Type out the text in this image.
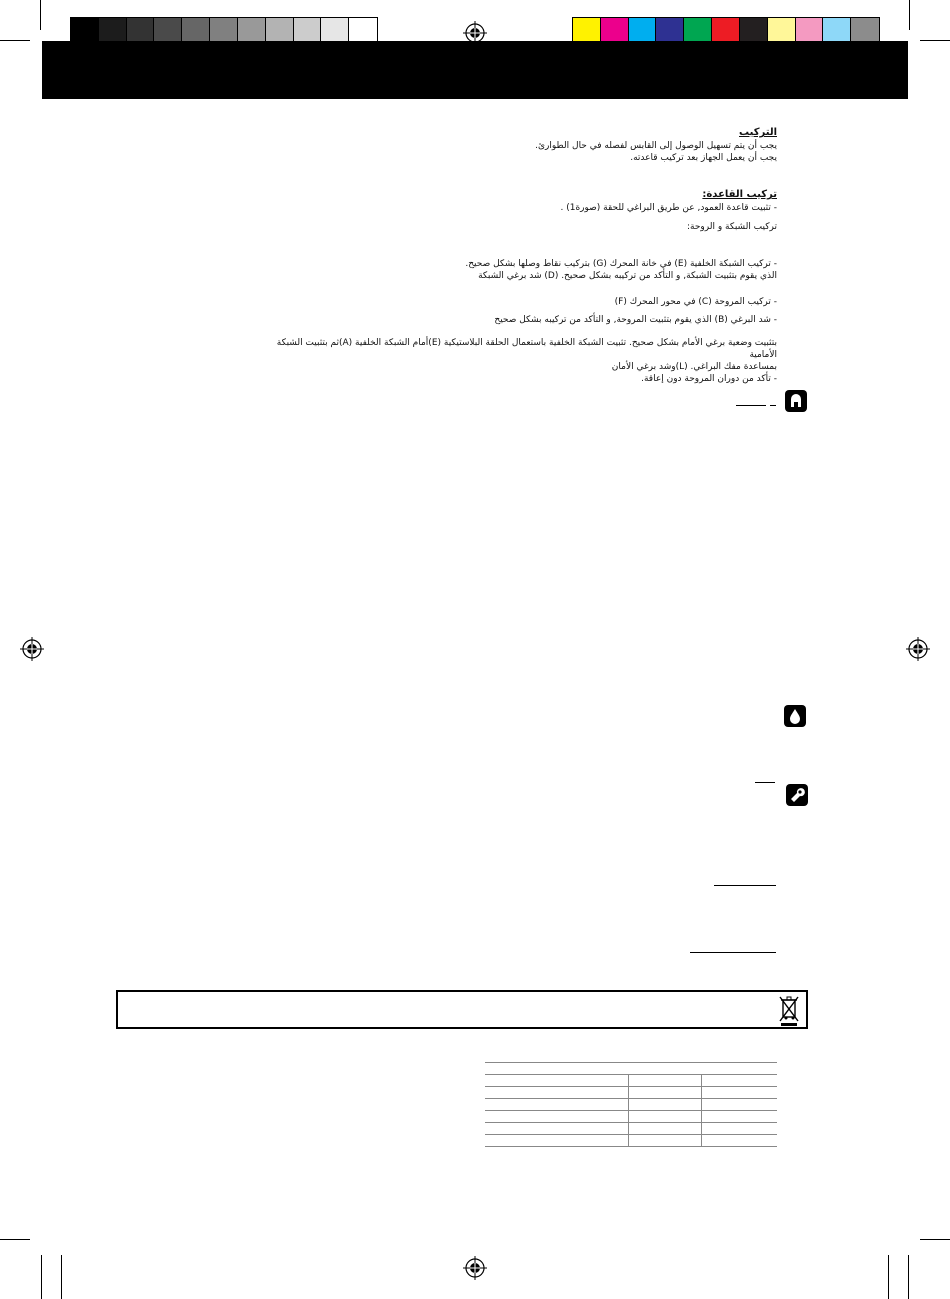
التركيب
يجب أن يتم تسهيل الوصول إلى القابس لفصله في حال الطوارئ.
يجب أن يعمل الجهاز بعد تركيب قاعدته.
تركيب القاعدة:
- تثبيت قاعدة العمود, عن طريق البراغي للحقة (صورة1) .
تركيب الشبكة و الروحة:
- تركيب الشبكة الخلفية (E) في خانة المحرك (G) بتركيب نقاط وصلها بشكل صحيح.
الذي يقوم بتثبيت الشبكة, و التأكد من تركيبه بشكل صحيح. (D) شد برغي الشبكة
- تركيب المروحة (C) في محور المحرك (F)
- شد البرغي (B) الذي يقوم بتثبيت المروحة, و التأكد من تركيبه بشكل صحيح
بتثبيت وضعية برغي الأمام بشكل صحيح. تثبيت الشبكة الخلفية باستعمال الحلقة البلاستيكية (E)أمام الشبكة الخلفية (A)ثم بتثبيت الشبكة
الأمامية
بمساعدة مفك البراغي. (L)وشد برغي الأمان
- تأكد من دوران المروحة دون إعاقة.
